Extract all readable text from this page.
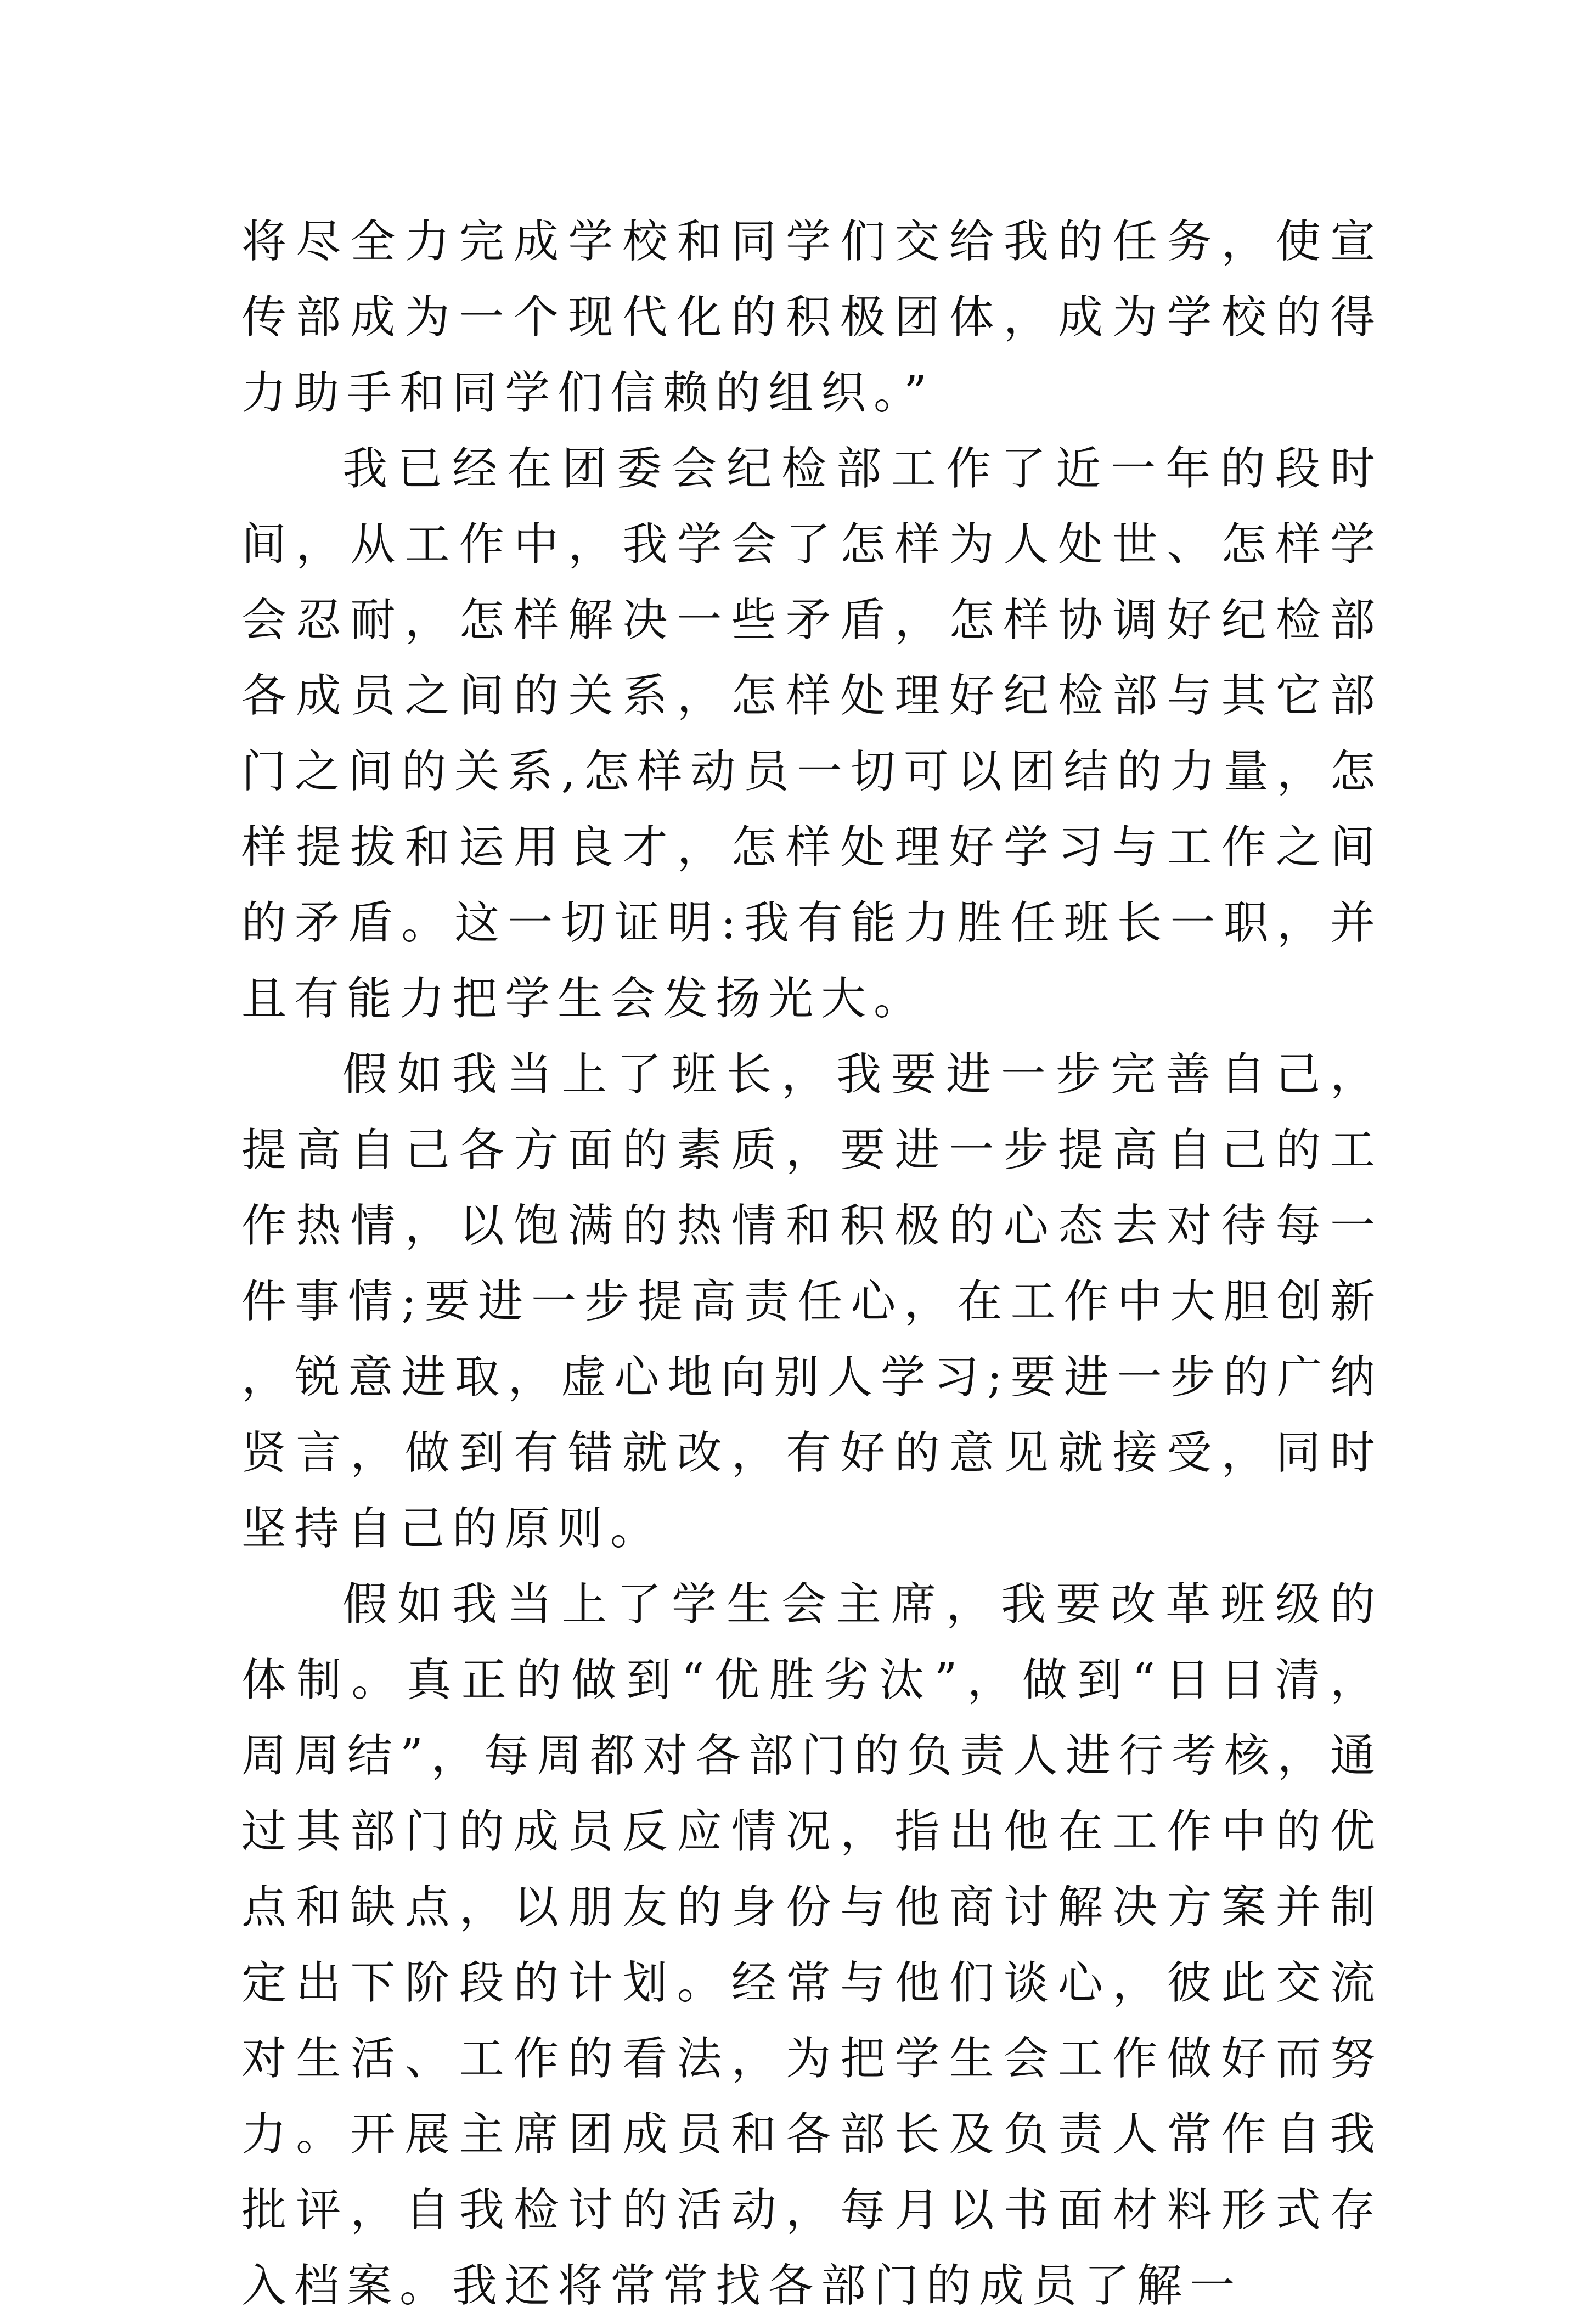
将尽全力完成学校和同学们交给我的任务，使宣传部成为一个现代化的积极团体，成为学校的得力助手和同学们信赖的组织。”

我已经在团委会纪检部工作了近一年的段时间，从工作中，我学会了怎样为人处世、怎样学会忍耐，怎样解决一些矛盾，怎样协调好纪检部各成员之间的关系，怎样处理好纪检部与其它部门之间的关系,怎样动员一切可以团结的力量，怎样提拔和运用良才，怎样处理好学习与工作之间的矛盾。这一切证明:我有能力胜任班长一职，并且有能力把学生会发扬光大。

假如我当上了班长，我要进一步完善自己，提高自己各方面的素质，要进一步提高自己的工作热情，以饱满的热情和积极的心态去对待每一件事情;要进一步提高责任心，在工作中大胆创新，锐意进取，虚心地向别人学习;要进一步的广纳贤言，做到有错就改，有好的意见就接受，同时坚持自己的原则。

假如我当上了学生会主席，我要改革班级的体制。真正的做到“优胜劣汰”，做到“日日清，周周结”，每周都对各部门的负责人进行考核，通过其部门的成员反应情况，指出他在工作中的优点和缺点，以朋友的身份与他商讨解决方案并制定出下阶段的计划。经常与他们谈心，彼此交流对生活、工作的看法，为把学生会工作做好而努力。开展主席团成员和各部长及负责人常作自我批评，自我检讨的活动，每月以书面材料形式存入档案。我还将常常找各部门的成员了解一
